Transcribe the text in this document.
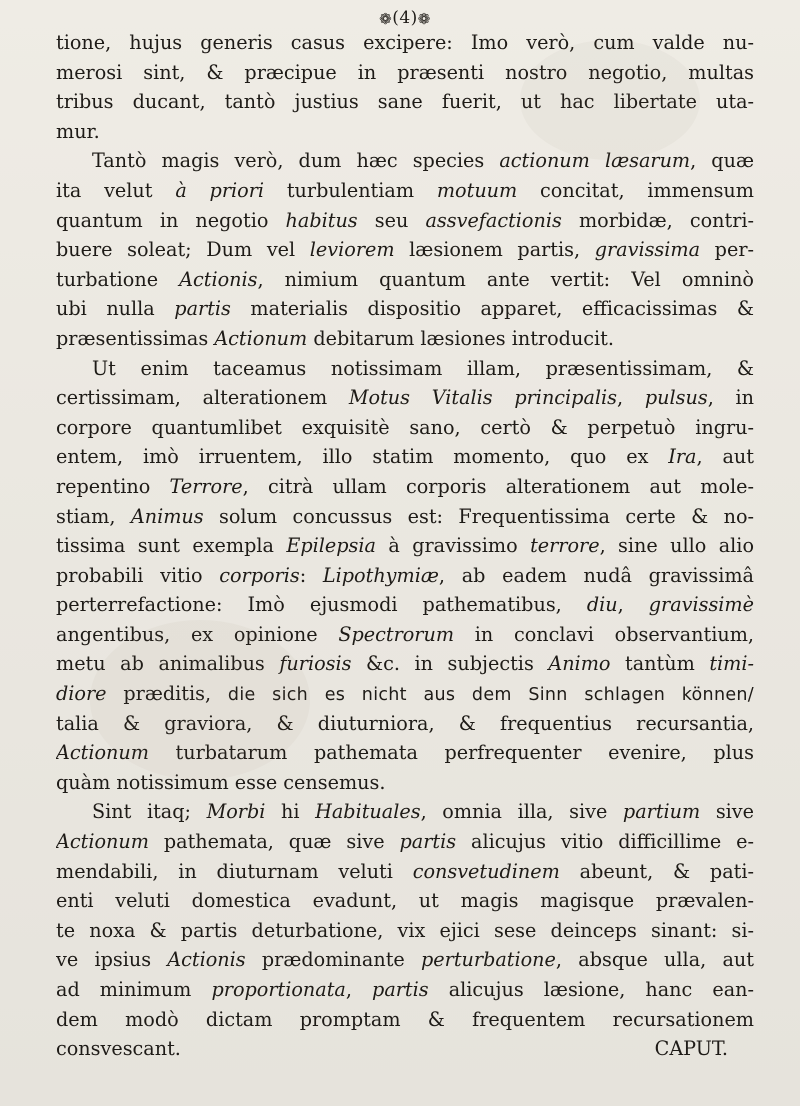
❁(4)❁
tione, hujus generis casus excipere: Imo verò, cum valde nu-
merosi sint, & præcipue in præsenti nostro negotio, multas
tribus ducant, tantò justius sane fuerit, ut hac libertate uta-
mur.
Tantò magis verò, dum hæc species actionum læsarum, quæ
ita velut à priori turbulentiam motuum concitat, immensum
quantum in negotio habitus seu assvefactionis morbidæ, contri-
buere soleat; Dum vel leviorem læsionem partis, gravissima per-
turbatione Actionis, nimium quantum ante vertit: Vel omninò
ubi nulla partis materialis dispositio apparet, efficacissimas &
præsentissimas Actionum debitarum læsiones introducit.
Ut enim taceamus notissimam illam, præsentissimam, &
certissimam, alterationem Motus Vitalis principalis, pulsus, in
corpore quantumlibet exquisitè sano, certò & perpetuò ingru-
entem, imò irruentem, illo statim momento, quo ex Ira, aut
repentino Terrore, citrà ullam corporis alterationem aut mole-
stiam, Animus solum concussus est: Frequentissima certe & no-
tissima sunt exempla Epilepsia à gravissimo terrore, sine ullo alio
probabili vitio corporis: Lipothymiæ, ab eadem nudâ gravissimâ
perterrefactione: Imò ejusmodi pathematibus, diu, gravissimè
angentibus, ex opinione Spectrorum in conclavi observantium,
metu ab animalibus furiosis &c. in subjectis Animo tantùm timi-
diore præditis, die sich es nicht aus dem Sinn schlagen können/
talia & graviora, & diuturniora, & frequentius recursantia,
Actionum turbatarum pathemata perfrequenter evenire, plus
quàm notissimum esse censemus.
Sint itaq; Morbi hi Habituales, omnia illa, sive partium sive
Actionum pathemata, quæ sive partis alicujus vitio difficillime e-
mendabili, in diuturnam veluti consvetudinem abeunt, & pati-
enti veluti domestica evadunt, ut magis magisque prævalen-
te noxa & partis deturbatione, vix ejici sese deinceps sinant: si-
ve ipsius Actionis prædominante perturbatione, absque ulla, aut
ad minimum proportionata, partis alicujus læsione, hanc ean-
dem modò dictam promptam & frequentem recursationem
consvescant.	CAPUT.
